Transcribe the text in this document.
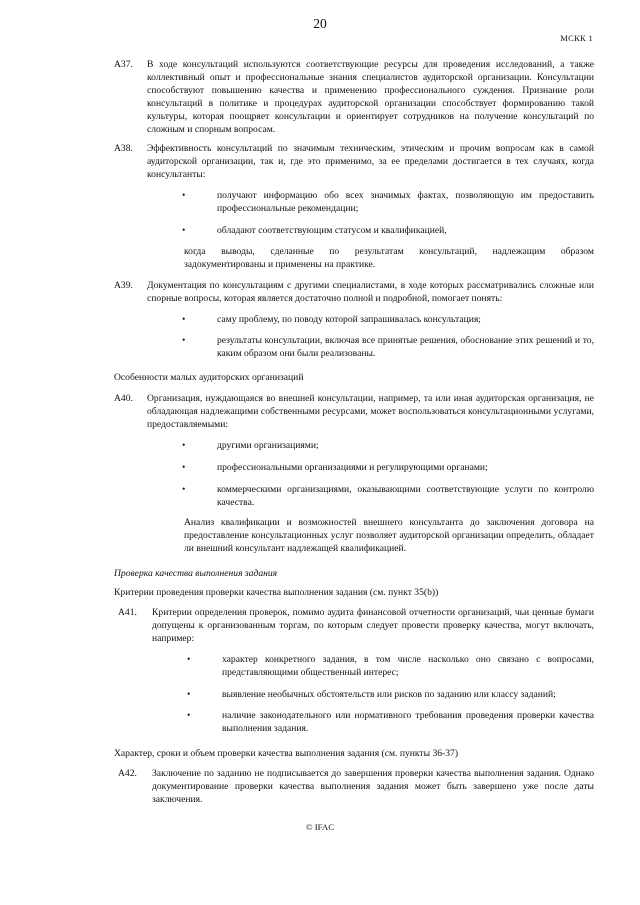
20
МСКК 1
A37. В ходе консультаций используются соответствующие ресурсы для проведения исследований, а также коллективный опыт и профессиональные знания специалистов аудиторской организации. Консультации способствуют повышению качества и применению профессионального суждения. Признание роли консультаций в политике и процедурах аудиторской организации способствует формированию такой культуры, которая поощряет консультации и ориентирует сотрудников на получение консультаций по сложным и спорным вопросам.
A38. Эффективность консультаций по значимым техническим, этическим и прочим вопросам как в самой аудиторской организации, так и, где это применимо, за ее пределами достигается в тех случаях, когда консультанты:
•	получают информацию обо всех значимых фактах, позволяющую им предоставить профессиональные рекомендации;
•	обладают соответствующим статусом и квалификацией,
когда выводы, сделанные по результатам консультаций, надлежащим образом
задокументированы и применены на практике.
A39. Документация по консультациям с другими специалистами, в ходе которых рассматривались сложные или спорные вопросы, которая является достаточно полной и подробной, помогает понять:
•	саму проблему, по поводу которой запрашивалась консультация;
•	результаты консультации, включая все принятые решения, обоснование этих решений и то, каким образом они были реализованы.
Особенности малых аудиторских организаций
A40. Организация, нуждающаяся во внешней консультации, например, та или иная аудиторская организация, не обладающая надлежащими собственными ресурсами, может воспользоваться консультационными услугами, предоставляемыми:
•	другими организациями;
•	профессиональными организациями и регулирующими органами;
•	коммерческими организациями, оказывающими соответствующие услуги по контролю качества.
Анализ квалификации и возможностей внешнего консультанта до заключения договора на предоставление консультационных услуг позволяет аудиторской организации определить, обладает ли внешний консультант надлежащей квалификацией.
Проверка качества выполнения задания
Критерии проведения проверки качества выполнения задания (см. пункт 35(b))
A41. Критерии определения проверок, помимо аудита финансовой отчетности организаций, чьи ценные бумаги допущены к организованным торгам, по которым следует провести проверку качества, могут включать, например:
•	характер конкретного задания, в том числе насколько оно связано с вопросами, представляющими общественный интерес;
•	выявление необычных обстоятельств или рисков по заданию или классу заданий;
•	наличие законодательного или нормативного требования проведения проверки качества выполнения задания.
Характер, сроки и объем проверки качества выполнения задания (см. пункты 36-37)
A42. Заключение по заданию не подписывается до завершения проверки качества выполнения задания. Однако документирование проверки качества выполнения задания может быть завершено уже после даты заключения.
© IFAC
